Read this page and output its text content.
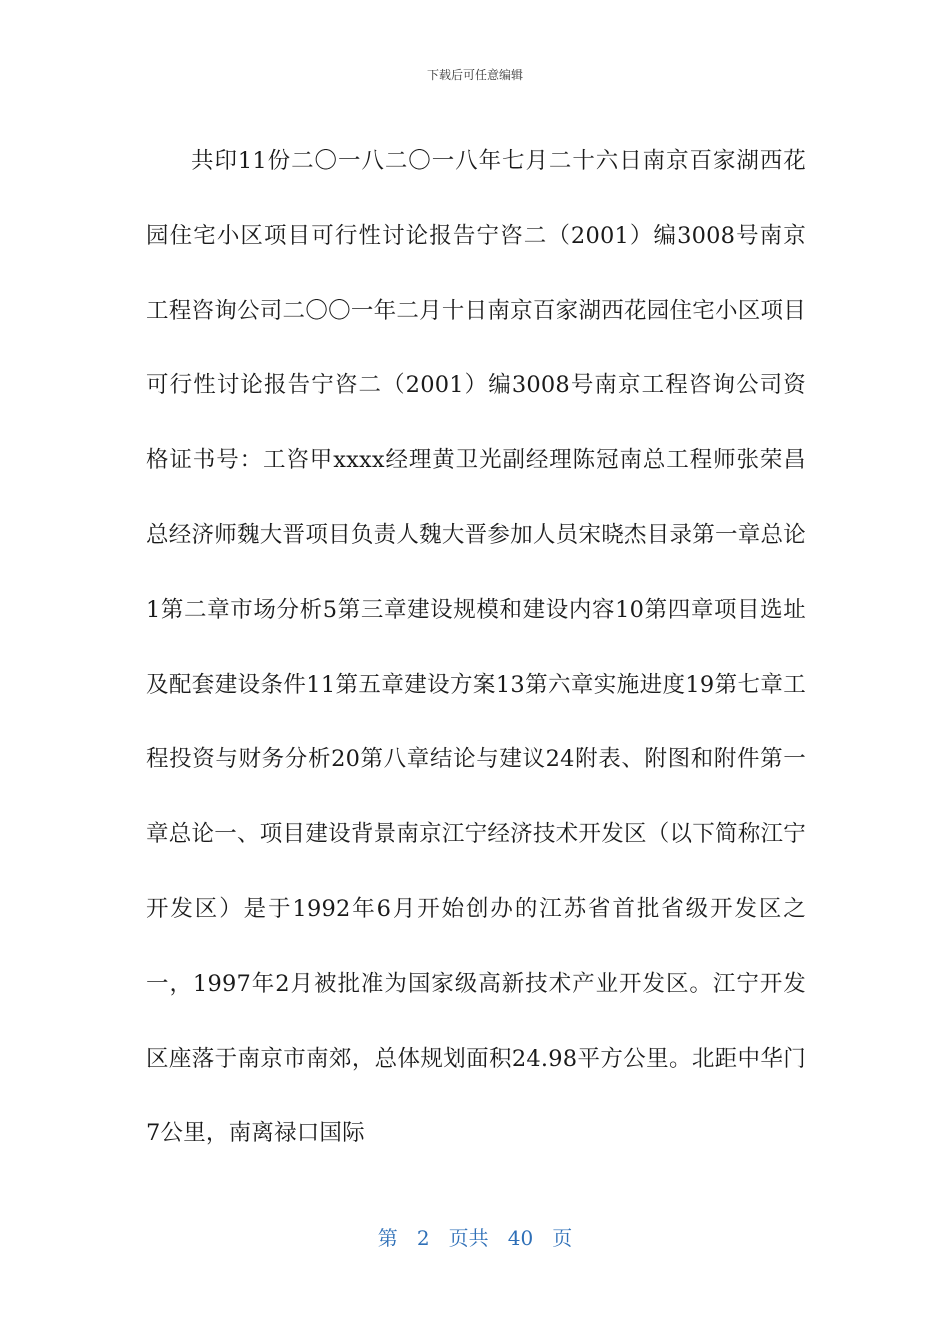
下载后可任意编辑

共印11份二〇一八二〇一八年七月二十六日南京百家湖西花园住宅小区项目可行性讨论报告宁咨二（2001）编3008号南京工程咨询公司二〇〇一年二月十日南京百家湖西花园住宅小区项目可行性讨论报告宁咨二（2001）编3008号南京工程咨询公司资格证书号：工咨甲xxxx经理黄卫光副经理陈冠南总工程师张荣昌总经济师魏大晋项目负责人魏大晋参加人员宋晓杰目录第一章总论1第二章市场分析5第三章建设规模和建设内容10第四章项目选址及配套建设条件11第五章建设方案13第六章实施进度19第七章工程投资与财务分析20第八章结论与建议24附表、附图和附件第一章总论一、项目建设背景南京江宁经济技术开发区（以下简称江宁开发区）是于1992年6月开始创办的江苏省首批省级开发区之一，1997年2月被批准为国家级高新技术产业开发区。江宁开发区座落于南京市南郊，总体规划面积24.98平方公里。北距中华门7公里，南离禄口国际

第 2 页共 40 页
